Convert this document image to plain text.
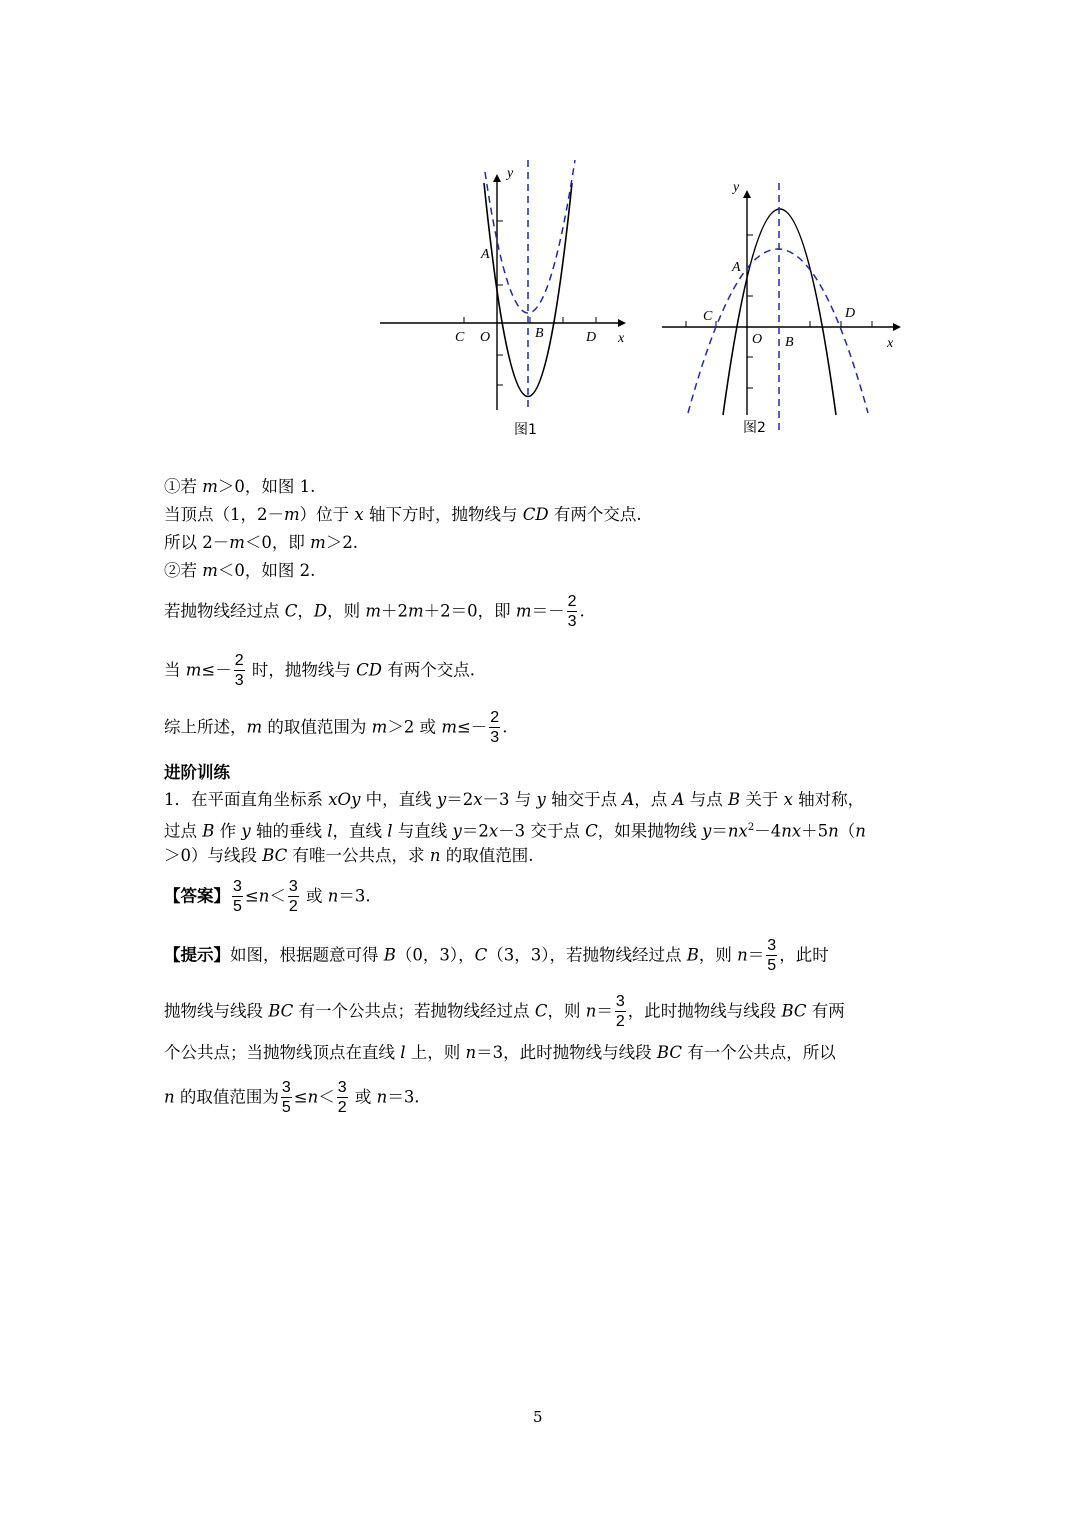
y
A
C O	B	D x
图1
y
A
C
O B
D
x
图2
①若 m＞0，如图 1.
当顶点（1，2－m）位于 x 轴下方时，抛物线与 CD 有两个交点.
所以 2－m＜0，即 m＞2.
②若 m＜0，如图 2.
若抛物线经过点 C，D，则 m＋2m＋2＝0，即 $m=- \frac{2}{3}$ .
当 $m\le- \frac{2}{3}$ 时，抛物线与 CD 有两个交点.
综上所述，m 的取值范围为 m＞2 或 $m\le- \frac{2}{3}$ .
进阶训练
1．在平面直角坐标系 xOy 中，直线 y＝2x－3 与 y 轴交于点 A，点 A 与点 B 关于 x 轴对称，
过点 B 作 y 轴的垂线 l，直线 l 与直线 y＝2x－3 交于点 C，如果抛物线 $y=nx^2-4nx+5n(n$
＞0）与线段 BC 有唯一公共点，求 n 的取值范围.
【答案】 $\frac{3}{5} \le n< \frac{3}{2}$ 或 n＝3.
【提示】如图，根据题意可得 B（0，3），C（3，3），若抛物线经过点 B，则 $n= \frac{3}{5}$ ，此时
抛物线与线段 BC 有一个公共点；若抛物线经过点 C，则 $n= \frac{3}{2}$ ，此时抛物线与线段 BC 有两
个公共点；当抛物线顶点在直线 l 上，则 n＝3，此时抛物线与线段 BC 有一个公共点，所以
n 的取值范围为 $\frac{3}{5} \le n< \frac{3}{2}$ 或 n＝3.
5
